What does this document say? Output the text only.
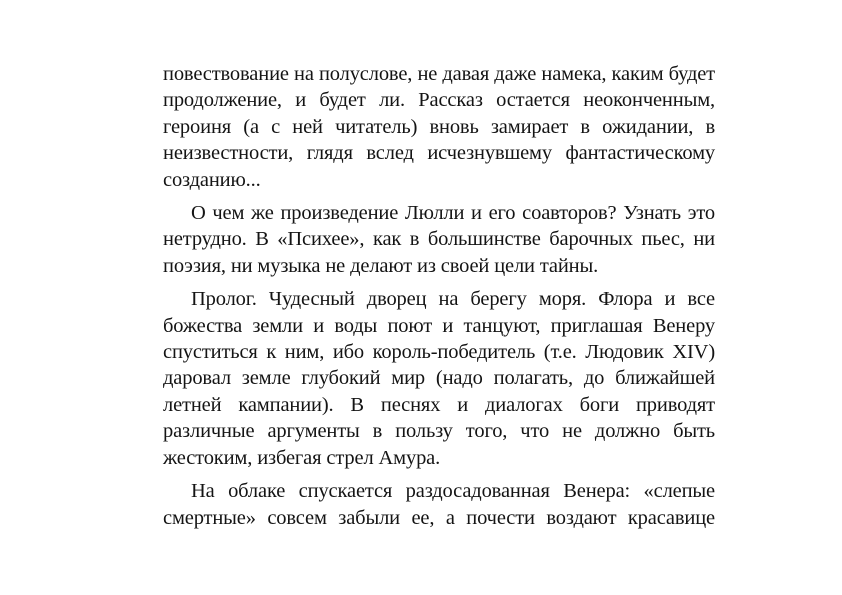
повествование на полуслове, не давая даже намека, каким будет продолжение, и будет ли. Рассказ остается неоконченным, героиня (а с ней читатель) вновь замирает в ожидании, в неизвестности, глядя вслед исчезнувшему фантастическому созданию...

О чем же произведение Люлли и его соавторов? Узнать это нетрудно. В «Психее», как в большинстве барочных пьес, ни поэзия, ни музыка не делают из своей цели тайны.

Пролог. Чудесный дворец на берегу моря. Флора и все божества земли и воды поют и танцуют, приглашая Венеру спуститься к ним, ибо король-победитель (т.е. Людовик XIV) даровал земле глубокий мир (надо полагать, до ближайшей летней кампании). В песнях и диалогах боги приводят различные аргументы в пользу того, что не должно быть жестоким, избегая стрел Амура.

На облаке спускается раздосадованная Венера: «слепые смертные» совсем забыли ее, а почести воздают красавице
